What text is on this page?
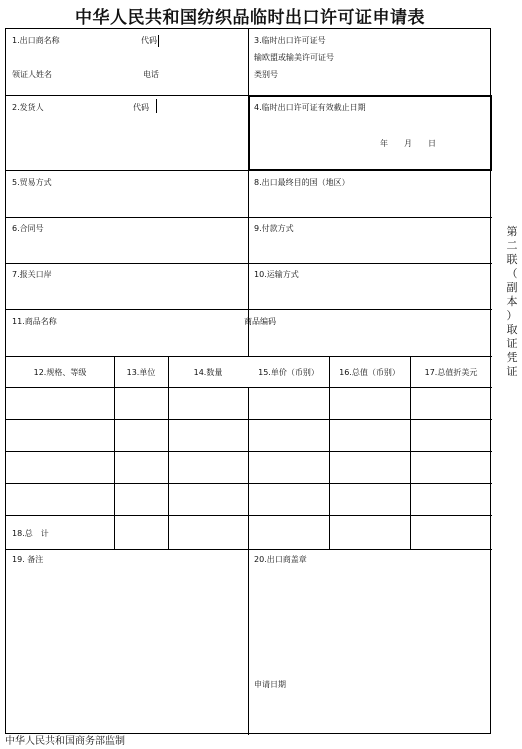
中华人民共和国纺织品临时出口许可证申请表
1.出口商名称	代码
领证人姓名	电话
3.临时出口许可证号
输欧盟或输美许可证号
类别号
2.发货人	代码	4.临时出口许可证有效截止日期
年　　月　　日
5.贸易方式	8.出口最终目的国（地区）
6.合同号	9.付款方式
7.报关口岸	10.运输方式
11.商品名称	商品编码
12.规格、等级	13.单位	14.数量	15.单价（币别）	16.总值（币别）	17.总值折美元
18.总　计
19. 备注	20.出口商盖章
申请日期
第
二
联
（
副
本
）
取
证
凭
证
中华人民共和国商务部监制
